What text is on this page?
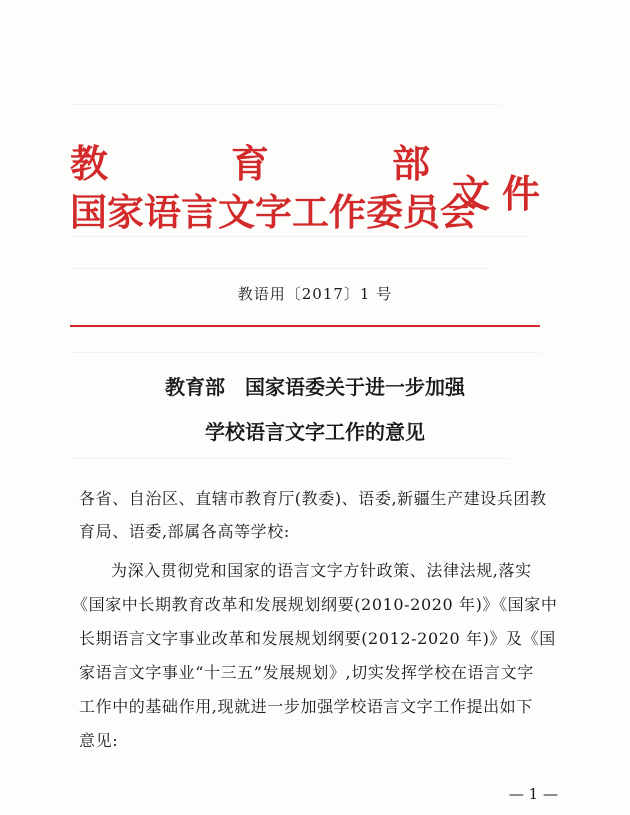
教	育	部
国家语言文字工作委员会
文件
教语用〔2017〕1 号
教育部　国家语委关于进一步加强
学校语言文字工作的意见
各省、自治区、直辖市教育厅(教委)、语委,新疆生产建设兵团教
育局、语委,部属各高等学校:
为深入贯彻党和国家的语言文字方针政策、法律法规,落实
《国家中长期教育改革和发展规划纲要(2010-2020 年)》《国家中
长期语言文字事业改革和发展规划纲要(2012-2020 年)》及《国
家语言文字事业“十三五”发展规划》,切实发挥学校在语言文字
工作中的基础作用,现就进一步加强学校语言文字工作提出如下
意见:
— 1 —
